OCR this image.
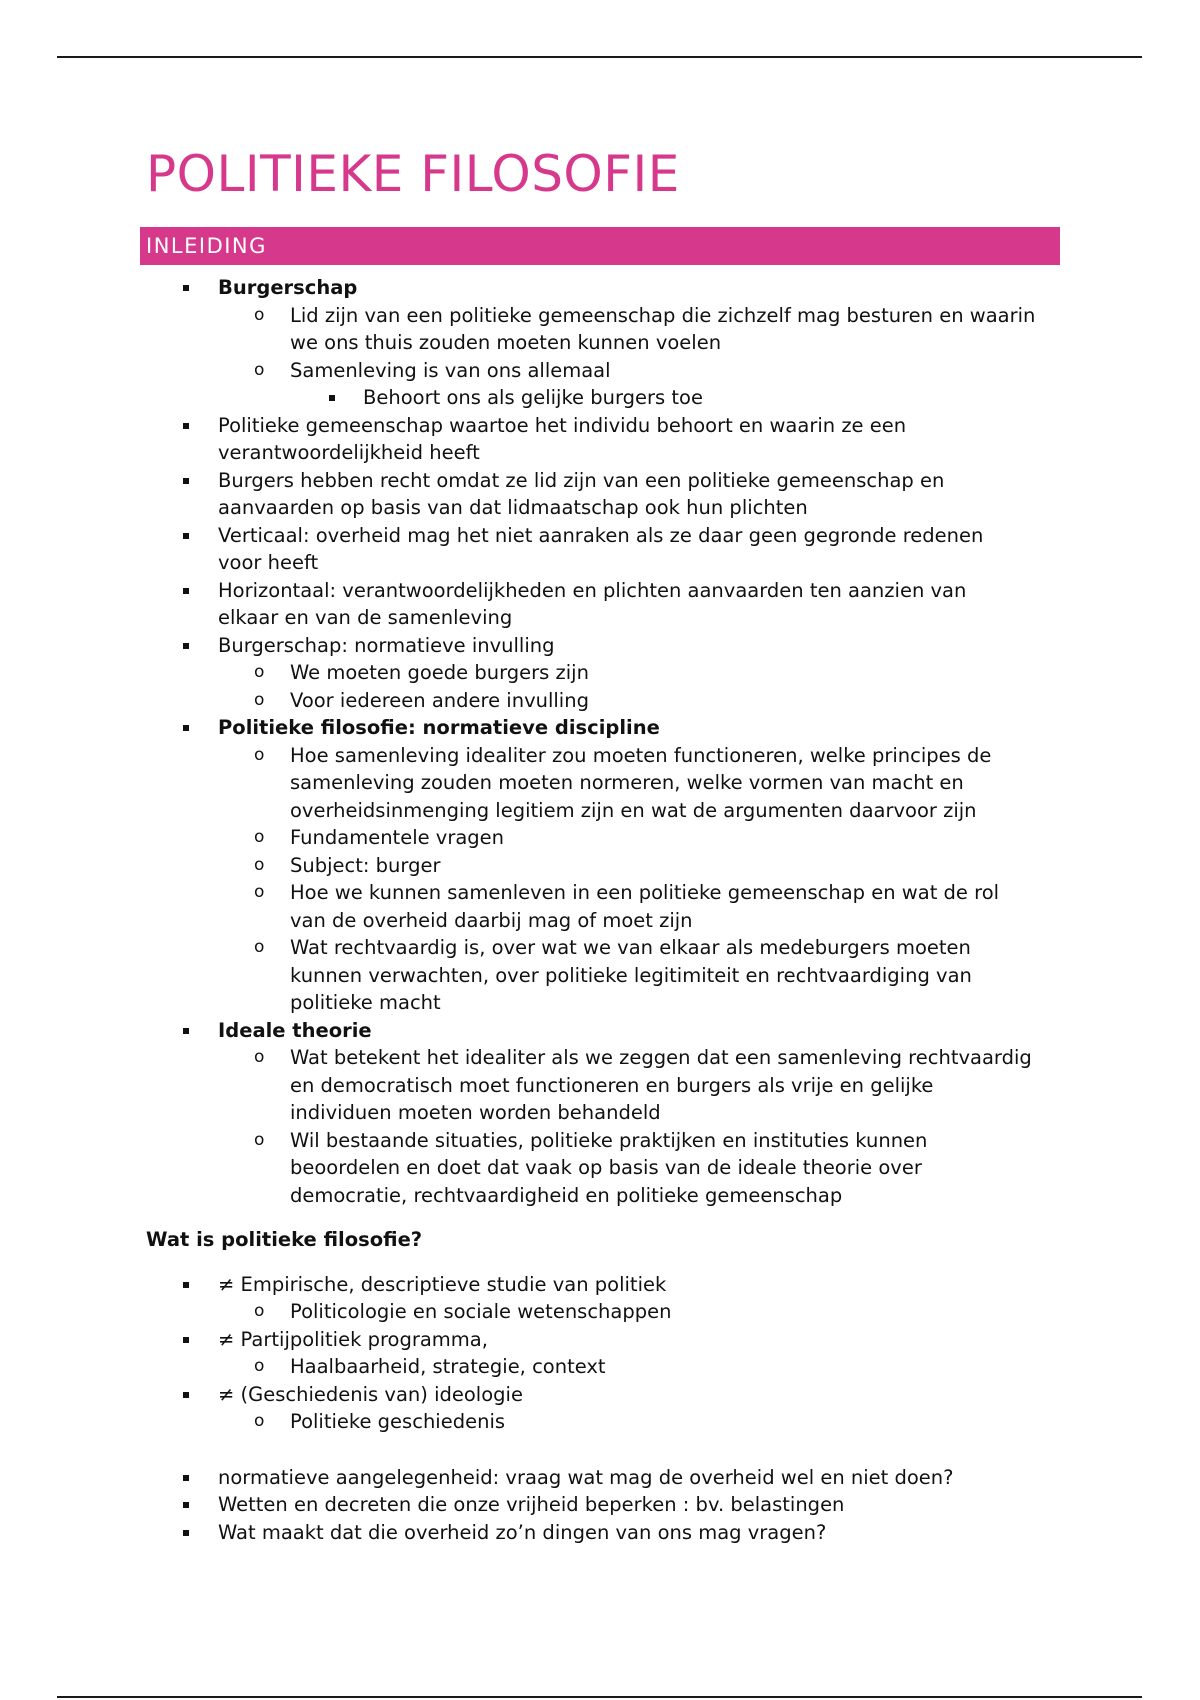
POLITIEKE FILOSOFIE
INLEIDING
Burgerschap
o Lid zijn van een politieke gemeenschap die zichzelf mag besturen en waarin we ons thuis zouden moeten kunnen voelen
o Samenleving is van ons allemaal
Behoort ons als gelijke burgers toe
Politieke gemeenschap waartoe het individu behoort en waarin ze een verantwoordelijkheid heeft
Burgers hebben recht omdat ze lid zijn van een politieke gemeenschap en aanvaarden op basis van dat lidmaatschap ook hun plichten
Verticaal: overheid mag het niet aanraken als ze daar geen gegronde redenen voor heeft
Horizontaal: verantwoordelijkheden en plichten aanvaarden ten aanzien van elkaar en van de samenleving
Burgerschap: normatieve invulling
o We moeten goede burgers zijn
o Voor iedereen andere invulling
Politieke filosofie: normatieve discipline
o Hoe samenleving idealiter zou moeten functioneren, welke principes de samenleving zouden moeten normeren, welke vormen van macht en overheidsinmenging legitiem zijn en wat de argumenten daarvoor zijn
o Fundamentele vragen
o Subject: burger
o Hoe we kunnen samenleven in een politieke gemeenschap en wat de rol van de overheid daarbij mag of moet zijn
o Wat rechtvaardig is, over wat we van elkaar als medeburgers moeten kunnen verwachten, over politieke legitimiteit en rechtvaardiging van politieke macht
Ideale theorie
o Wat betekent het idealiter als we zeggen dat een samenleving rechtvaardig en democratisch moet functioneren en burgers als vrije en gelijke individuen moeten worden behandeld
o Wil bestaande situaties, politieke praktijken en instituties kunnen beoordelen en doet dat vaak op basis van de ideale theorie over democratie, rechtvaardigheid en politieke gemeenschap
Wat is politieke filosofie?
≠ Empirische, descriptieve studie van politiek
o Politicologie en sociale wetenschappen
≠ Partijpolitiek programma,
o Haalbaarheid, strategie, context
≠ (Geschiedenis van) ideologie
o Politieke geschiedenis
normatieve aangelegenheid: vraag wat mag de overheid wel en niet doen?
Wetten en decreten die onze vrijheid beperken : bv. belastingen
Wat maakt dat die overheid zo’n dingen van ons mag vragen?
